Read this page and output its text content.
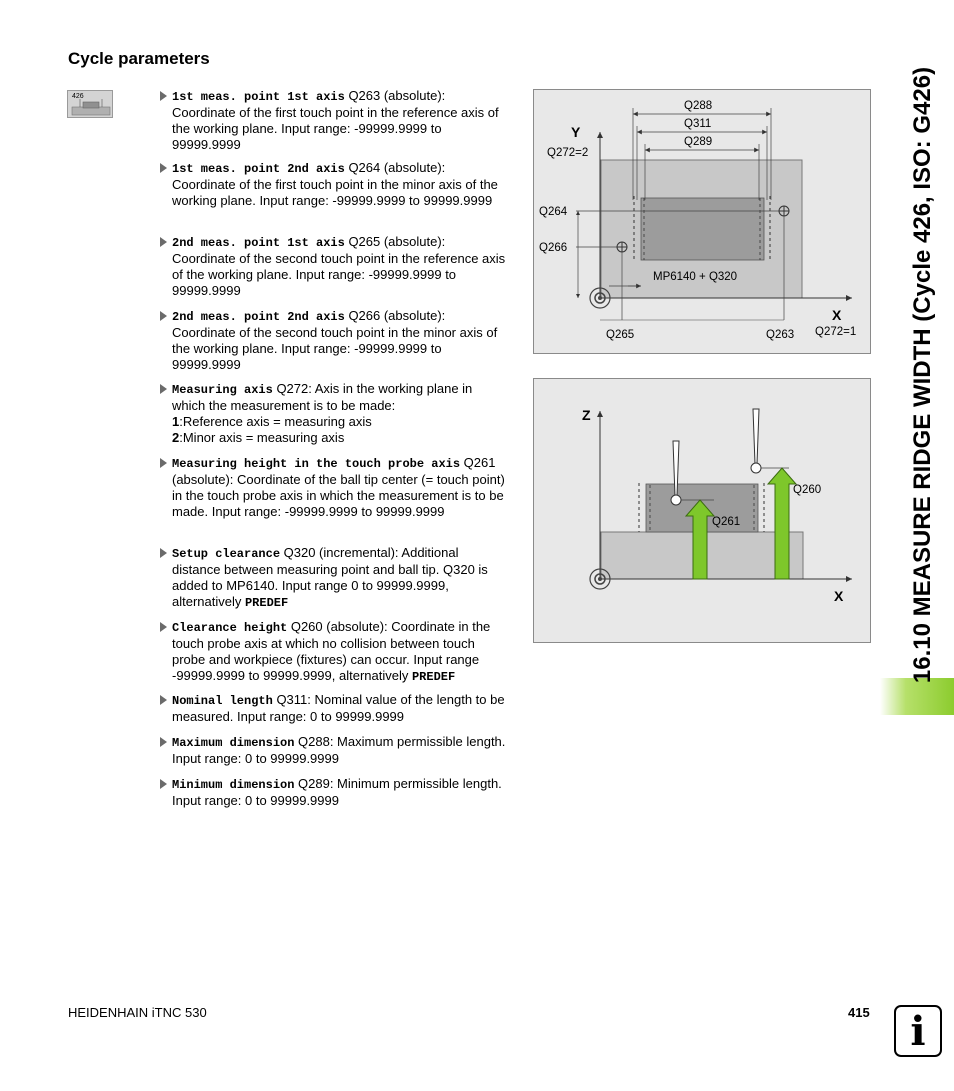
Cycle parameters
426	1st meas. point 1st axis Q263 (absolute): Coordinate of the first touch point in the reference axis of the working plane. Input range: -99999.9999 to 99999.9999
1st meas. point 2nd axis Q264 (absolute): Coordinate of the first touch point in the minor axis of the working plane. Input range: -99999.9999 to 99999.9999
2nd meas. point 1st axis Q265 (absolute): Coordinate of the second touch point in the reference axis of the working plane. Input range: -99999.9999 to 99999.9999
2nd meas. point 2nd axis Q266 (absolute): Coordinate of the second touch point in the minor axis of the working plane. Input range: -99999.9999 to 99999.9999
Measuring axis Q272: Axis in the working plane in which the measurement is to be made:
1:Reference axis = measuring axis
2:Minor axis = measuring axis
Measuring height in the touch probe axis Q261 (absolute): Coordinate of the ball tip center (= touch point) in the touch probe axis in which the measurement is to be made. Input range: -99999.9999 to 99999.9999
Setup clearance Q320 (incremental): Additional distance between measuring point and ball tip. Q320 is added to MP6140. Input range 0 to 99999.9999, alternatively PREDEF
Clearance height Q260 (absolute): Coordinate in the touch probe axis at which no collision between touch probe and workpiece (fixtures) can occur. Input range -99999.9999 to 99999.9999, alternatively PREDEF
Nominal length Q311: Nominal value of the length to be measured. Input range: 0 to 99999.9999
Maximum dimension Q288: Maximum permissible length. Input range: 0 to 99999.9999
Minimum dimension Q289: Minimum permissible length. Input range: 0 to 99999.9999
Q288
Q311
Q289
Y
Q272=2
Q264
Q266
MP6140 + Q320
X
Q265	Q263 Q272=1
Z
X
Q260
Q261	16.10 MEASURE RIDGE WIDTH (Cycle 426, ISO: G426)
HEIDENHAIN iTNC 530	415	i
